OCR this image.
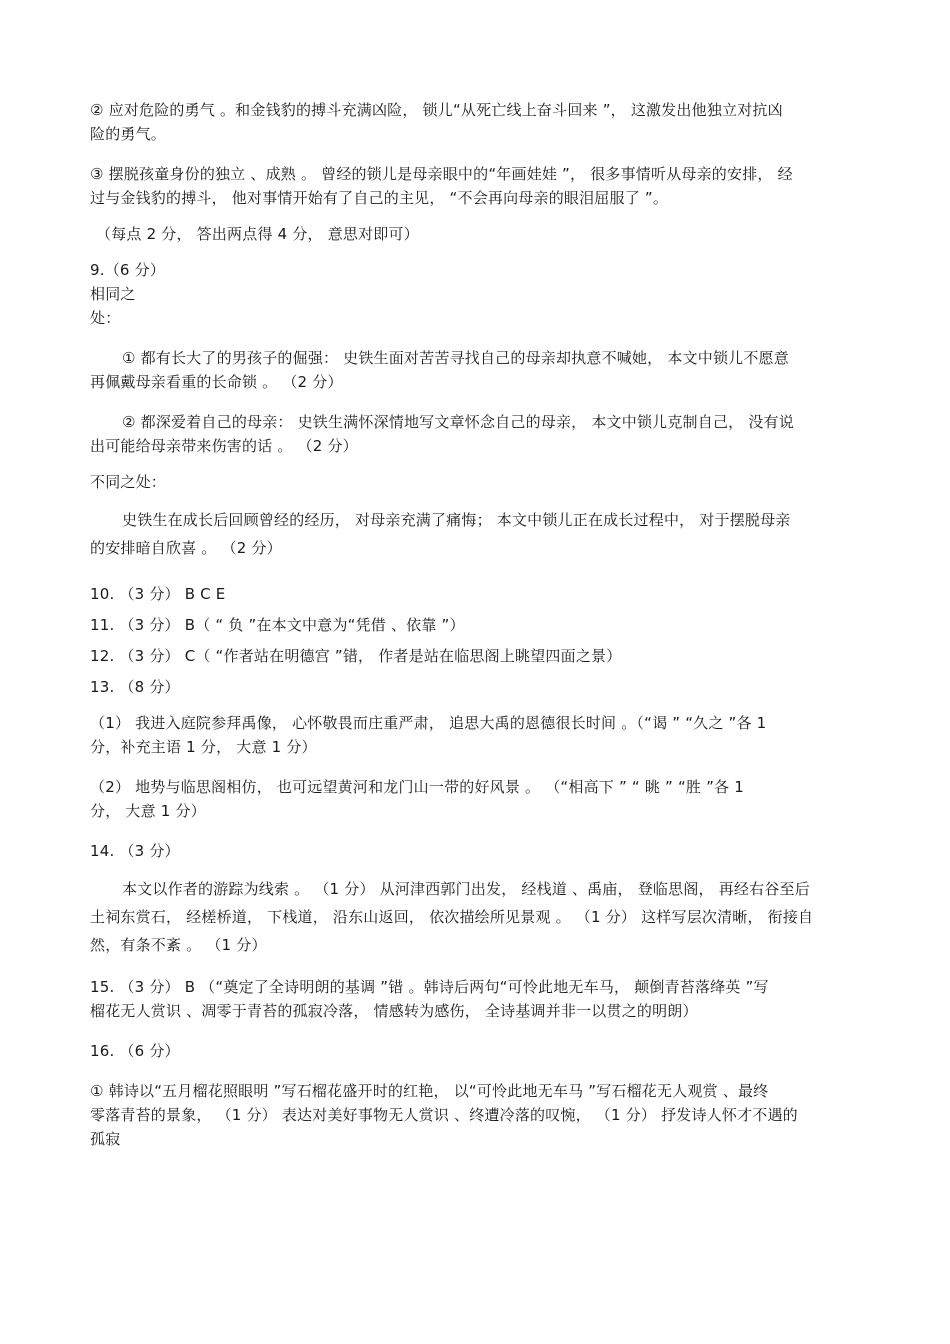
② 应对危险的勇气 。和金钱豹的搏斗充满凶险， 锁儿“从死亡线上奋斗回来 ”， 这激发出他独立对抗凶
险的勇气。

③ 摆脱孩童身份的独立 、成熟 。 曾经的锁儿是母亲眼中的“年画娃娃 ”， 很多事情听从母亲的安排， 经
过与金钱豹的搏斗， 他对事情开始有了自己的主见， “不会再向母亲的眼泪屈服了 ”。

（每点 2 分， 答出两点得 4 分， 意思对即可）

9.（6 分）

相同之
处：

① 都有长大了的男孩子的倔强： 史铁生面对苦苦寻找自己的母亲却执意不喊她， 本文中锁儿不愿意
再佩戴母亲看重的长命锁 。 （2 分）

② 都深爱着自己的母亲： 史铁生满怀深情地写文章怀念自己的母亲， 本文中锁儿克制自己， 没有说
出可能给母亲带来伤害的话 。 （2 分）

不同之处：

史铁生在成长后回顾曾经的经历， 对母亲充满了痛悔； 本文中锁儿正在成长过程中， 对于摆脱母亲
的安排暗自欣喜 。 （2 分）

10. （3 分） B C E

11. （3 分） B（ “ 负 ”在本文中意为“凭借 、依靠 ”）

12. （3 分） C（ “作者站在明德宫 ”错， 作者是站在临思阁上眺望四面之景）

13. （8 分）

（1） 我进入庭院参拜禹像， 心怀敬畏而庄重严肃， 追思大禹的恩德很长时间 。（“谒 ” “久之 ”各 1
分，补充主语 1 分， 大意 1 分）

（2） 地势与临思阁相仿， 也可远望黄河和龙门山一带的好风景 。 （“相高下 ” “ 眺 ” “胜 ”各 1
分， 大意 1 分）

14. （3 分）

本文以作者的游踪为线索 。 （1 分） 从河津西郭门出发， 经栈道 、禹庙， 登临思阁， 再经右谷至后
土祠东赏石， 经槎桥道， 下栈道， 沿东山返回， 依次描绘所见景观 。 （1 分） 这样写层次清晰， 衔接自
然，有条不紊 。 （1 分）

15. （3 分） B （“奠定了全诗明朗的基调 ”错 。韩诗后两句“可怜此地无车马， 颠倒青苔落绛英 ”写
榴花无人赏识 、凋零于青苔的孤寂冷落， 情感转为感伤， 全诗基调并非一以贯之的明朗）

16. （6 分）

① 韩诗以“五月榴花照眼明 ”写石榴花盛开时的红艳， 以“可怜此地无车马 ”写石榴花无人观赏 、最终
零落青苔的景象， （1 分） 表达对美好事物无人赏识 、终遭冷落的叹惋， （1 分） 抒发诗人怀才不遇的
孤寂
